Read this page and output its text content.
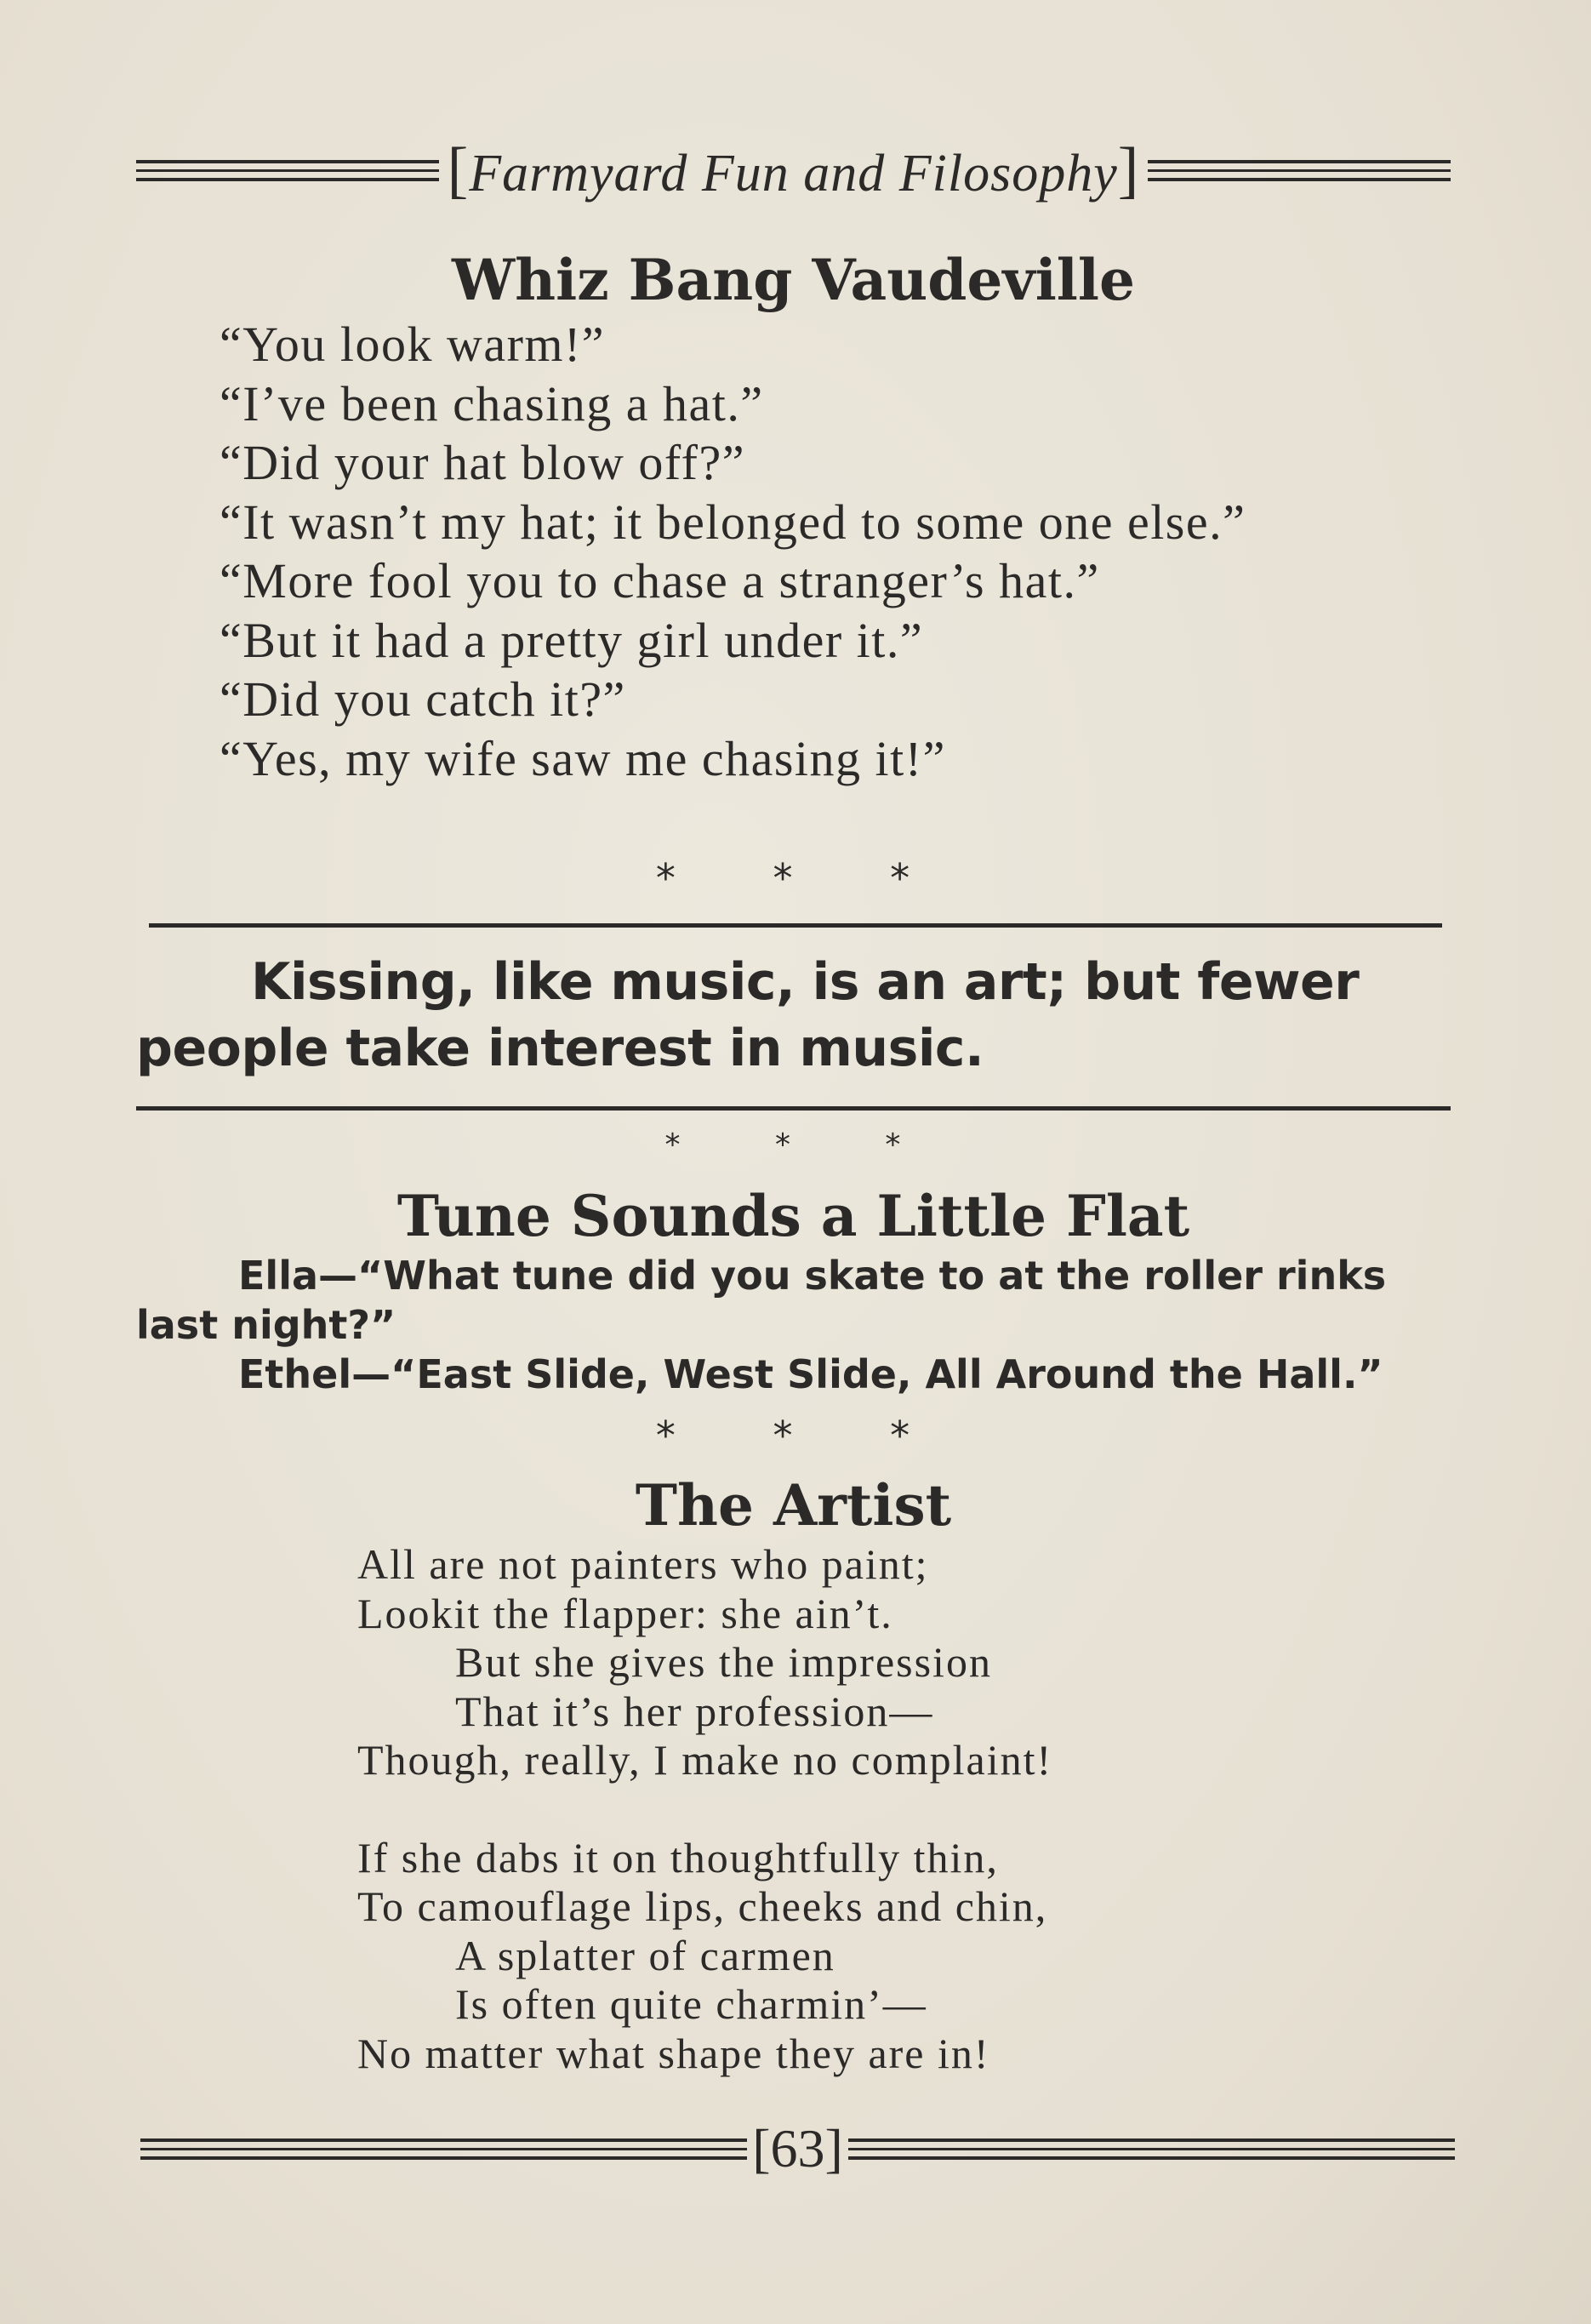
[Farmyard Fun and Filosophy]
Whiz Bang Vaudeville

“You look warm!”

“I’ve been chasing a hat.”

“Did your hat blow off?”

“It wasn’t my hat; it belonged to some one else.”

“More fool you to chase a stranger’s hat.”

“But it had a pretty girl under it.”

“Did you catch it?”

“Yes, my wife saw me chasing it!”

* * *

Kissing, like music, is an art; but fewer people take interest in music.

* * *
Tune Sounds a Little Flat

Ella—“What tune did you skate to at the roller rinks last night?”

Ethel—“East Slide, West Slide, All Around the Hall.”

* * *
The Artist
All are not painters who paint;
Lookit the flapper: she ain’t.
But she gives the impression
That it’s her profession—
Though, really, I make no complaint!
If she dabs it on thoughtfully thin,
To camouflage lips, cheeks and chin,
A splatter of carmen
Is often quite charmin’—
No matter what shape they are in!
[63]
